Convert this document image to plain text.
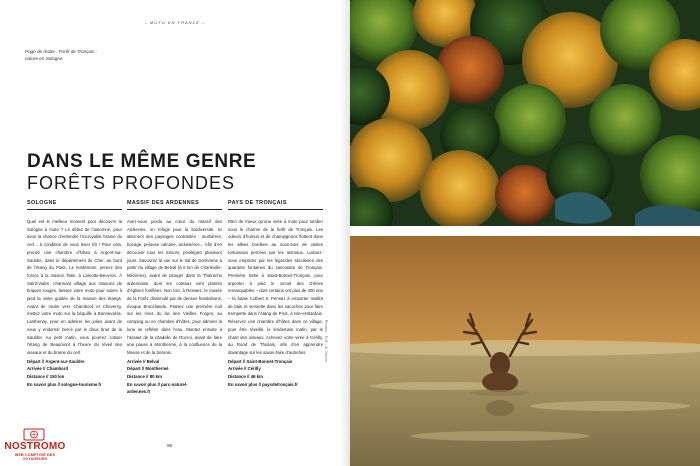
– MOTO EN FRANCE –
Page de droite : Forêt de Tronçais :
nature en Sologne
DANS LE MÊME GENRE
FORÊTS PROFONDES
SOLOGNE

Quel est le meilleur moment pour découvrir la Sologne à moto ? Le début de l’automne, pour avoir la chance d’entendre l’incroyable brame du cerf... à condition de vous lever tôt ! Pour cela, prenez une chambre d’hôtes à Argent-sur-Sauldre, dans le département du Cher, au bord de l’étang du Puits. Le lendemain, prenez des forces à la maison Tatin, à Lamotte-Beuvron. À Saint-Viatre, charmant village aux maisons de briques rouges, laissez votre moto pour suivre à pied la visite guidée de la maison des étangs. Avant de rouler vers Chambord et Cheverny, mettez votre moto sur la béquille à Bonneval-la-Lanthenay, pour en admirer les jolies avant de vous y endormir bercé par le doux bruit de la Sauldre. Au petit matin, vous pourrez cotiser l’étang de Beaumont à l’heure du réveil des oiseaux et du brame du cerf.

Départ // Argent-sur-Sauldre
Arrivée // Chambord
Distance // 150 km
En savoir plus // sologne-tourisme.fr
MASSIF DES ARDENNES

Avez-vous perdu au cœur du massif des Ardennes, un refuge pour la biodiversité. Ici alternent des paysages contrastés : tourbières, bocage, pelouse calcaire, ardoisières... Afin d’en découvrir tous les trésors, privilégiez plusieurs jours. Savourez la vue sur le Val de Sormonne à partir du village de Belval (à 6 km de Charleville-Mézières), avant de plonger dans la Thiérache ardennaise, dont les coteaux sont plantés d’églises fortifiées. Non loin, à Renwez, le musée de la Forêt, dissimulé par de denses frondaisons, évoque Brocéliande. Passez une première nuit sur les rives du lac des Vieilles Forges, au camping ou en chambre d’hôtes, pour admirer la lune se refléter dans l’eau. Montez ensuite à l’assaut de la citadelle de Rocroi, avant de faire une pause à Monthermé, à la confluence de la Meuse et de la Semois.

Arrivée // Belval
Départ // Monthermé
Distance // 80 km
En savoir plus // parc-naturel-
ardennes.fr
PAYS DE TRONÇAIS

Rien de mieux qu’une virée à moto pour tomber sous le charme de la forêt de Tronçais. Les odeurs d’humus et de champignons flottent dans les allées bordées au sous-bois de vastes tortueuses percées par les animaux. Laissez-vous emporter par les légendes séculaires des quarante fontaines du sanctuaire de Tronçais. Première halte à Saint-Bonnet-Tronçais, pour arpenter à pied le circuit des chênes remarquables – dont certains ont plus de 400 ans – la futaie Colbert II. Pensez à emporter maillot de bain et serviette dans les sacoches pour faire trempette dans l’étang de Pirot, à Isle-et-Bardais. Réservez une chambre d’hôtes dans ce village, pour être réveillé, le lendemain matin, par le chant des oiseaux. Achevez votre virée à Cérilly, au Rond de Thiolais, afin d’en apprendre davantage sur les savoir-faire d’autrefois.

Départ // Saint-Bonnet-Tronçais
Arrivée // Cérilly
Distance // 46 km
En savoir plus // paysdetronçais.fr
98
NOSTROMO
WEB COMPTOIR DES VOYAGEURS
Photos : D.R., A. Nottin
